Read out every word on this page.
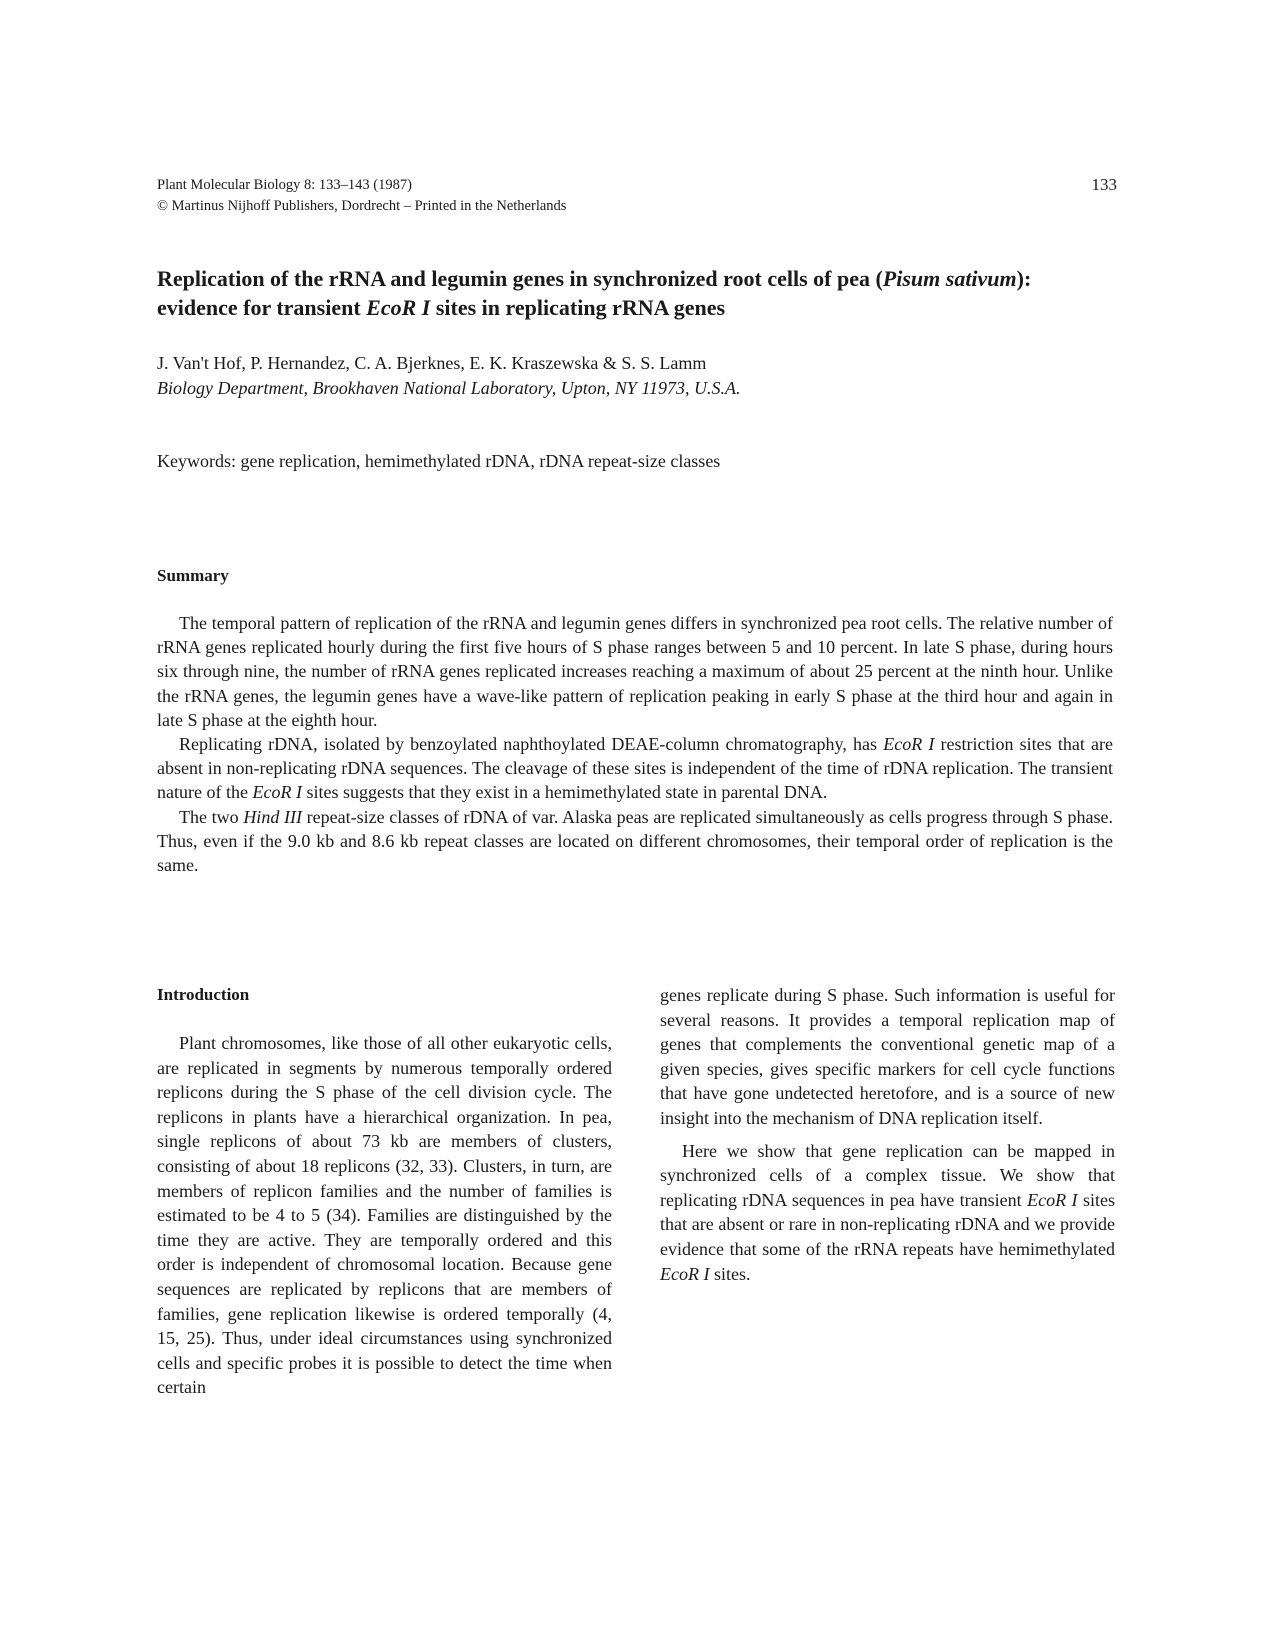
Plant Molecular Biology 8: 133–143 (1987)
© Martinus Nijhoff Publishers, Dordrecht – Printed in the Netherlands
133
Replication of the rRNA and legumin genes in synchronized root cells of pea (Pisum sativum): evidence for transient EcoR I sites in replicating rRNA genes
J. Van't Hof, P. Hernandez, C. A. Bjerknes, E. K. Kraszewska & S. S. Lamm
Biology Department, Brookhaven National Laboratory, Upton, NY 11973, U.S.A.
Keywords: gene replication, hemimethylated rDNA, rDNA repeat-size classes
Summary

The temporal pattern of replication of the rRNA and legumin genes differs in synchronized pea root cells. The relative number of rRNA genes replicated hourly during the first five hours of S phase ranges between 5 and 10 percent. In late S phase, during hours six through nine, the number of rRNA genes replicated increases reaching a maximum of about 25 percent at the ninth hour. Unlike the rRNA genes, the legumin genes have a wave-like pattern of replication peaking in early S phase at the third hour and again in late S phase at the eighth hour.

Replicating rDNA, isolated by benzoylated naphthoylated DEAE-column chromatography, has EcoR I restriction sites that are absent in non-replicating rDNA sequences. The cleavage of these sites is independent of the time of rDNA replication. The transient nature of the EcoR I sites suggests that they exist in a hemimethylated state in parental DNA.

The two Hind III repeat-size classes of rDNA of var. Alaska peas are replicated simultaneously as cells progress through S phase. Thus, even if the 9.0 kb and 8.6 kb repeat classes are located on different chromosomes, their temporal order of replication is the same.

Introduction

Plant chromosomes, like those of all other eukaryotic cells, are replicated in segments by numerous temporally ordered replicons during the S phase of the cell division cycle. The replicons in plants have a hierarchical organization. In pea, single replicons of about 73 kb are members of clusters, consisting of about 18 replicons (32, 33). Clusters, in turn, are members of replicon families and the number of families is estimated to be 4 to 5 (34). Families are distinguished by the time they are active. They are temporally ordered and this order is independent of chromosomal location. Because gene sequences are replicated by replicons that are members of families, gene replication likewise is ordered temporally (4, 15, 25). Thus, under ideal circumstances using synchronized cells and specific probes it is possible to detect the time when certain

genes replicate during S phase. Such information is useful for several reasons. It provides a temporal replication map of genes that complements the conventional genetic map of a given species, gives specific markers for cell cycle functions that have gone undetected heretofore, and is a source of new insight into the mechanism of DNA replication itself.

Here we show that gene replication can be mapped in synchronized cells of a complex tissue. We show that replicating rDNA sequences in pea have transient EcoR I sites that are absent or rare in non-replicating rDNA and we provide evidence that some of the rRNA repeats have hemimethylated EcoR I sites.
